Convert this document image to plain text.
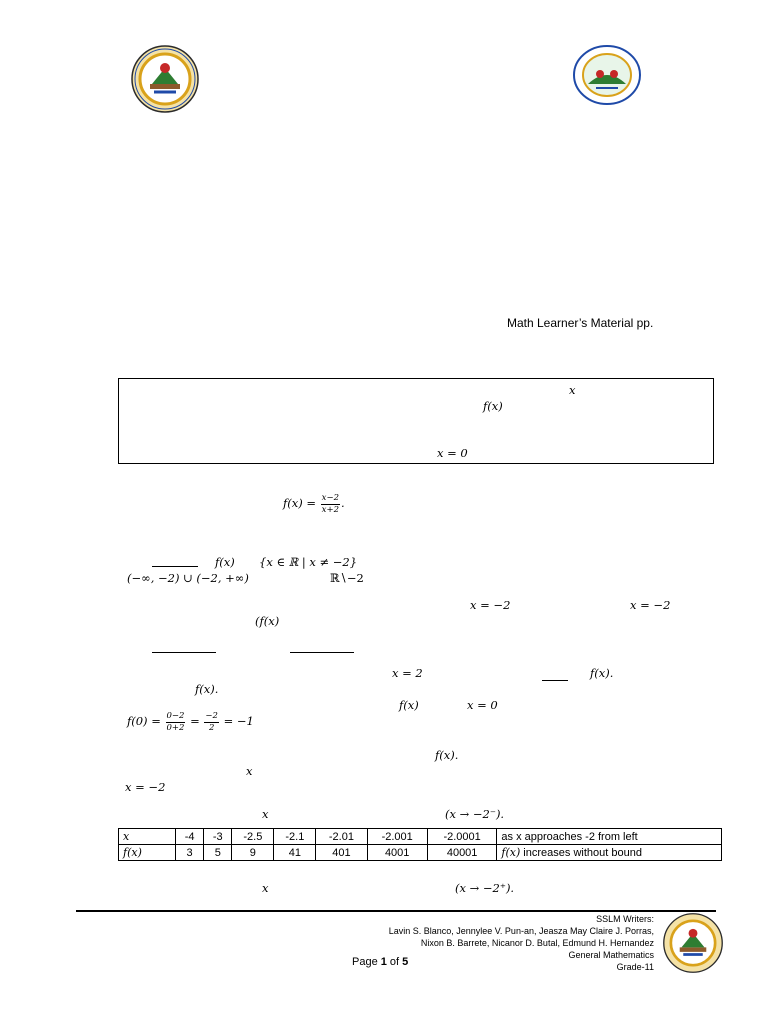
Math Learner’s Material pp.
x
f(x)
x = 0
$f(x) = \frac{x-2}{x+2}$ .
f(x) {x ∈ ℝ | x ≠ −2}
(−∞, −2) ∪ (−2, +∞)	ℝ∖−2
x = −2	x = −2
(f(x)
x = 2	f(x).
f(x).
f(x)	x = 0
$f(0) = \frac{0-2}{0+2} = \frac{-2}{2} = -1$
f(x).
x
x = −2
x	(x → −2⁻).
x	-4	-3	-2.5	-2.1	-2.01	-2.001	-2.0001	as x approaches -2 from left
f(x)	3	5	9	41	401	4001	40001	f(x) increases without bound
x	(x → −2⁺).
SSLM Writers:
Lavin S. Blanco, Jennylee V. Pun-an, Jeasza May Claire J. Porras,
Nixon B. Barrete, Nicanor D. Butal, Edmund H. Hernandez
General Mathematics
Grade-11
Page 1 of 5
